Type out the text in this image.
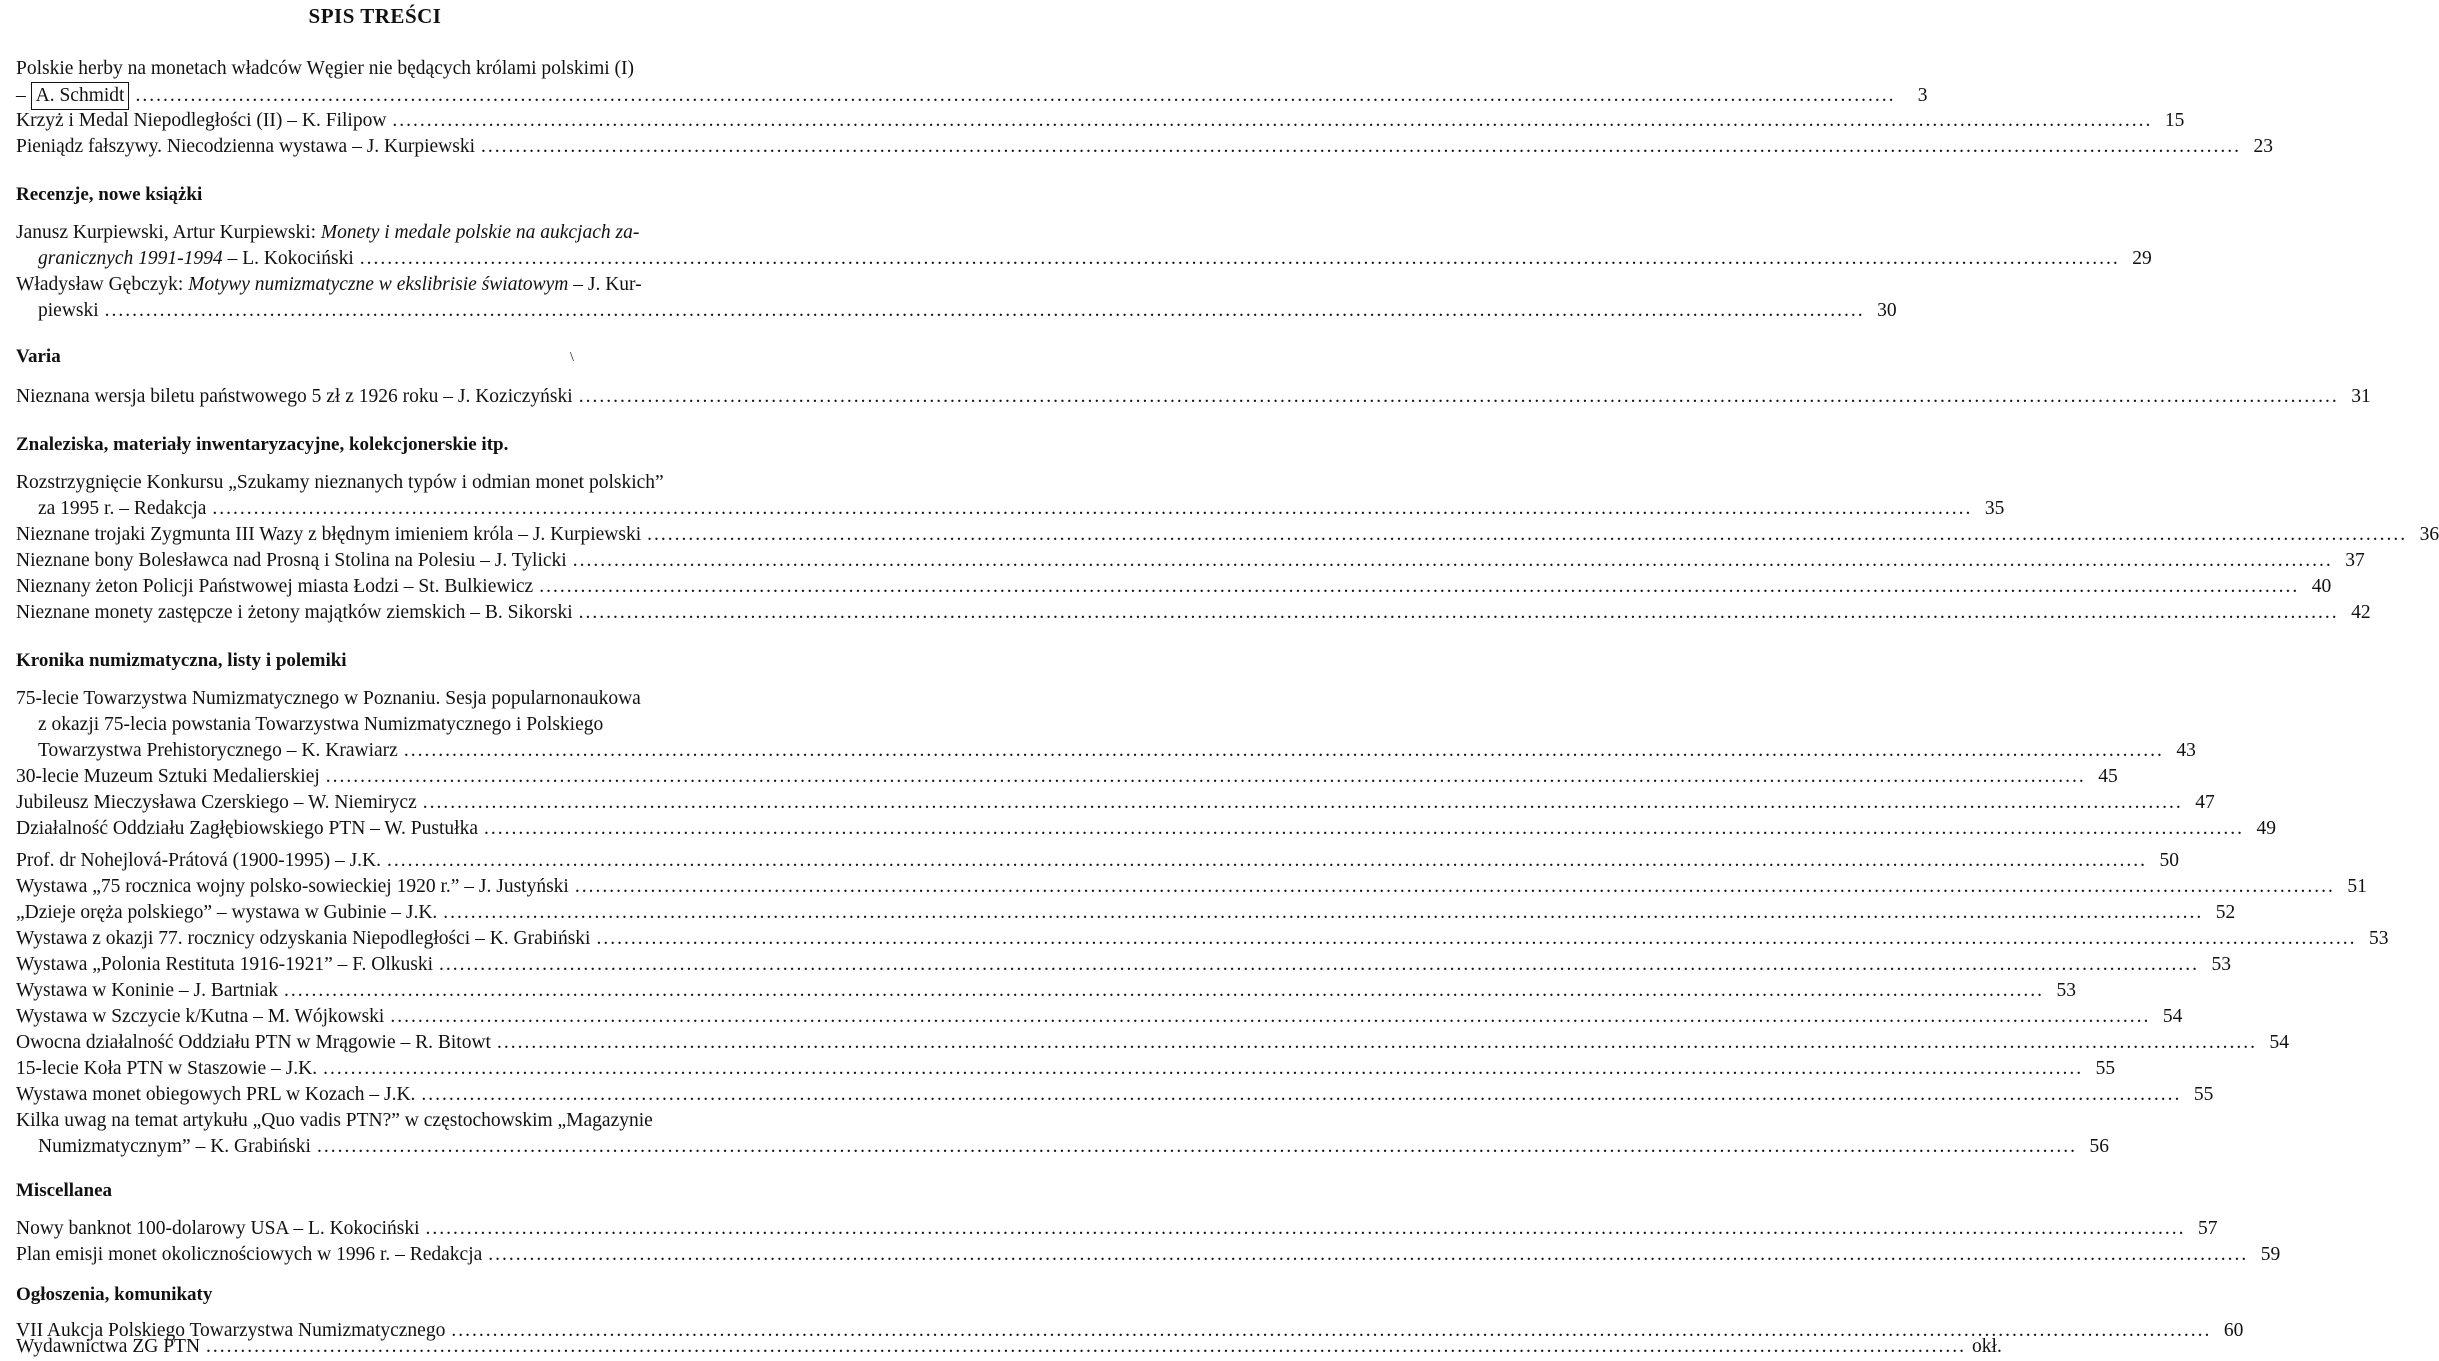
SPIS TREŚCI
Polskie herby na monetach władców Węgier nie będących królami polskimi (I)
–
A. Schmidt ................................................................................................................................................................................................................................................................	3
Krzyż i Medal Niepodległości (II) – K. Filipow ................................................................................................................................................................................................................................................................ 15
Pieniądz fałszywy. Niecodzienna wystawa – J. Kurpiewski ................................................................................................................................................................................................................................................................ 23
Recenzje, nowe książki
Janusz Kurpiewski, Artur Kurpiewski: Monety i medale polskie na aukcjach za-
granicznych 1991-1994 – L. Kokociński ................................................................................................................................................................................................................................................................ 29
Władysław Gębczyk: Motywy numizmatyczne w ekslibrisie światowym – J. Kur-
piewski ................................................................................................................................................................................................................................................................ 30
Varia	\
Nieznana wersja biletu państwowego 5 zł z 1926 roku – J. Koziczyński ................................................................................................................................................................................................................................................................ 31
Znaleziska, materiały inwentaryzacyjne, kolekcjonerskie itp.
Rozstrzygnięcie Konkursu „Szukamy nieznanych typów i odmian monet polskich”
za 1995 r. – Redakcja ................................................................................................................................................................................................................................................................ 35
Nieznane trojaki Zygmunta III Wazy z błędnym imieniem króla – J. Kurpiewski ................................................................................................................................................................................................................................................................ 36
Nieznane bony Bolesławca nad Prosną i Stolina na Polesiu – J. Tylicki ................................................................................................................................................................................................................................................................ 37
Nieznany żeton Policji Państwowej miasta Łodzi – St. Bulkiewicz ................................................................................................................................................................................................................................................................ 40
Nieznane monety zastępcze i żetony majątków ziemskich – B. Sikorski ................................................................................................................................................................................................................................................................ 42
Kronika numizmatyczna, listy i polemiki
75-lecie Towarzystwa Numizmatycznego w Poznaniu. Sesja popularnonaukowa
z okazji 75-lecia powstania Towarzystwa Numizmatycznego i Polskiego
Towarzystwa Prehistorycznego – K. Krawiarz ................................................................................................................................................................................................................................................................ 43
30-lecie Muzeum Sztuki Medalierskiej ................................................................................................................................................................................................................................................................ 45
Jubileusz Mieczysława Czerskiego – W. Niemirycz ................................................................................................................................................................................................................................................................ 47
Działalność Oddziału Zagłębiowskiego PTN – W. Pustułka ................................................................................................................................................................................................................................................................ 49
Prof. dr Nohejlová-Prátová (1900-1995) – J.K. ................................................................................................................................................................................................................................................................ 50
Wystawa „75 rocznica wojny polsko-sowieckiej 1920 r.” – J. Justyński ................................................................................................................................................................................................................................................................ 51
„Dzieje oręża polskiego” – wystawa w Gubinie – J.K. ................................................................................................................................................................................................................................................................ 52
Wystawa z okazji 77. rocznicy odzyskania Niepodległości – K. Grabiński ................................................................................................................................................................................................................................................................ 53
Wystawa „Polonia Restituta 1916-1921” – F. Olkuski ................................................................................................................................................................................................................................................................ 53
Wystawa w Koninie – J. Bartniak ................................................................................................................................................................................................................................................................ 53
Wystawa w Szczycie k/Kutna – M. Wójkowski ................................................................................................................................................................................................................................................................ 54
Owocna działalność Oddziału PTN w Mrągowie – R. Bitowt ................................................................................................................................................................................................................................................................ 54
15-lecie Koła PTN w Staszowie – J.K. ................................................................................................................................................................................................................................................................ 55
Wystawa monet obiegowych PRL w Kozach – J.K. ................................................................................................................................................................................................................................................................ 55
Kilka uwag na temat artykułu „Quo vadis PTN?” w częstochowskim „Magazynie
Numizmatycznym” – K. Grabiński ................................................................................................................................................................................................................................................................ 56
Miscellanea
Nowy banknot 100-dolarowy USA – L. Kokociński ................................................................................................................................................................................................................................................................ 57
Plan emisji monet okolicznościowych w 1996 r. – Redakcja ................................................................................................................................................................................................................................................................ 59
Ogłoszenia, komunikaty
VII Aukcja Polskiego Towarzystwa Numizmatycznego ................................................................................................................................................................................................................................................................ 60
Wydawnictwa ZG PTN ................................................................................................................................................................................................................................................................ okł.
